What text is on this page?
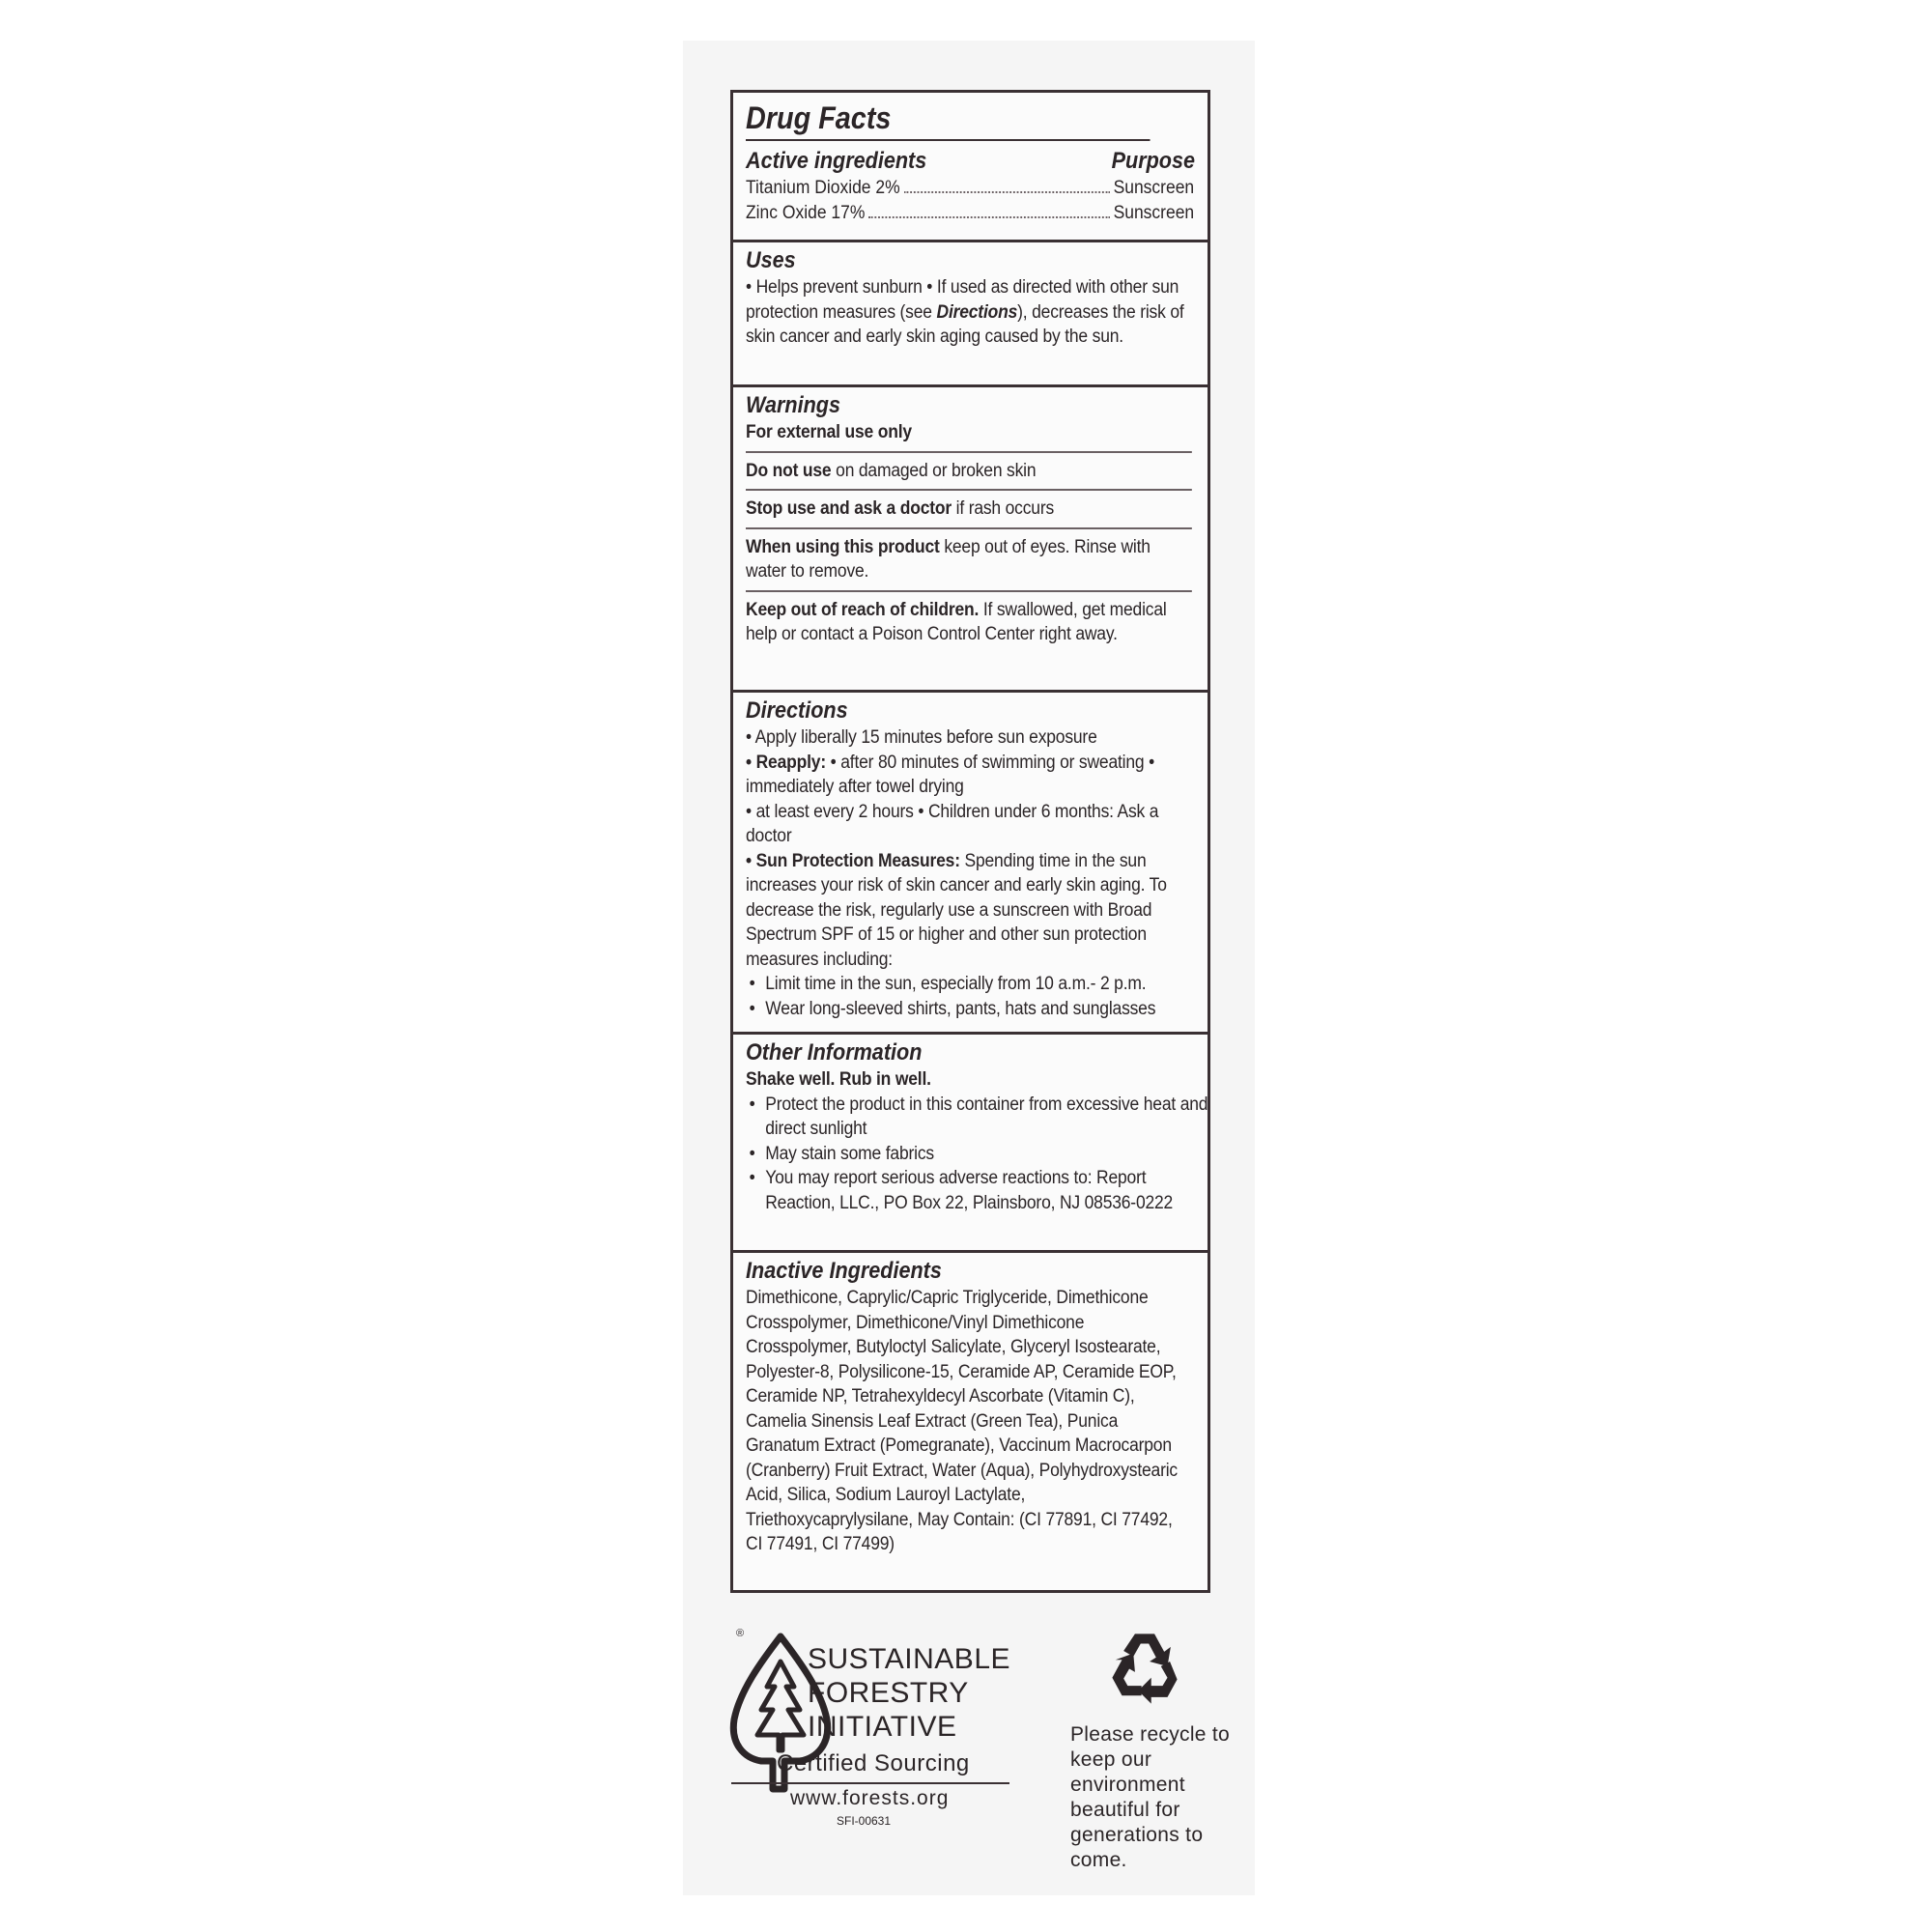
Drug Facts
Active ingredients	Purpose
Titanium Dioxide 2%	Sunscreen
Zinc Oxide 17%	Sunscreen
Uses
• Helps prevent sunburn • If used as directed with other sun protection measures (see Directions), decreases the risk of skin cancer and early skin aging caused by the sun.
Warnings
For external use only
Do not use on damaged or broken skin
Stop use and ask a doctor if rash occurs
When using this product keep out of eyes. Rinse with water to remove.
Keep out of reach of children. If swallowed, get medical help or contact a Poison Control Center right away.
Directions
• Apply liberally 15 minutes before sun exposure
• Reapply: • after 80 minutes of swimming or sweating • immediately after towel drying
• at least every 2 hours • Children under 6 months: Ask a doctor
• Sun Protection Measures: Spending time in the sun increases your risk of skin cancer and early skin aging. To decrease the risk, regularly use a sunscreen with Broad Spectrum SPF of 15 or higher and other sun protection measures including:
• Limit time in the sun, especially from 10 a.m.- 2 p.m.
• Wear long-sleeved shirts, pants, hats and sunglasses
Other Information
Shake well. Rub in well.
• Protect the product in this container from excessive heat and direct sunlight
• May stain some fabrics
• You may report serious adverse reactions to: Report Reaction, LLC., PO Box 22, Plainsboro, NJ 08536-0222
Inactive Ingredients
Dimethicone, Caprylic/Capric Triglyceride, Dimethicone Crosspolymer, Dimethicone/Vinyl Dimethicone Crosspolymer, Butyloctyl Salicylate, Glyceryl Isostearate, Polyester-8, Polysilicone-15, Ceramide AP, Ceramide EOP, Ceramide NP, Tetrahexyldecyl Ascorbate (Vitamin C), Camelia Sinensis Leaf Extract (Green Tea), Punica Granatum Extract (Pomegranate), Vaccinum Macrocarpon (Cranberry) Fruit Extract, Water (Aqua), Polyhydroxystearic Acid, Silica, Sodium Lauroyl Lactylate, Triethoxycaprylysilane, May Contain: (CI 77891, CI 77492, CI 77491, CI 77499)
®
SUSTAINABLE
FORESTRY
INITIATIVE
Certified Sourcing
www.forests.org
SFI-00631
Please recycle to keep our environment beautiful for generations to come.
